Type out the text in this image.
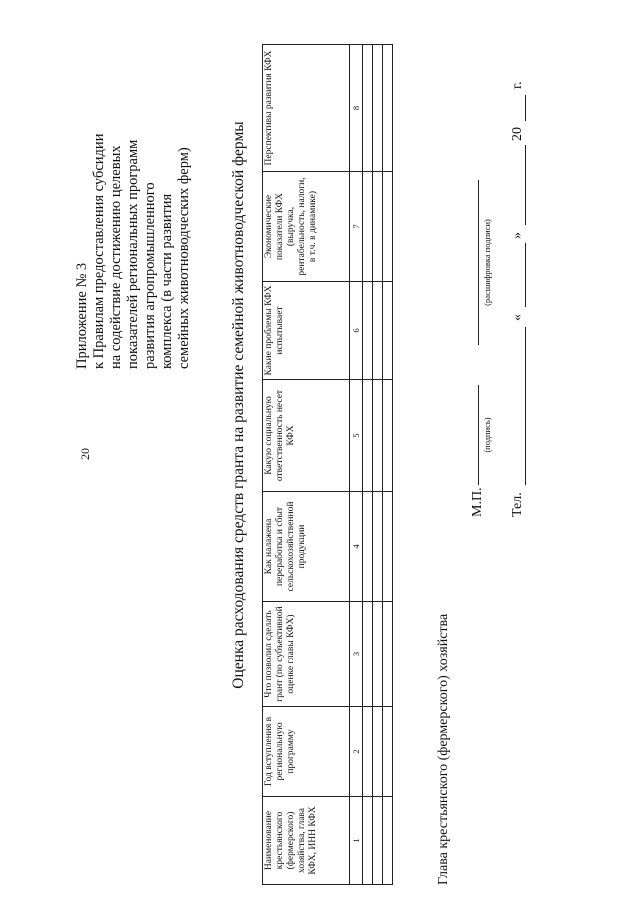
20
Приложение № 3 к Правилам предоставления субсидии на содействие достижению целевых показателей региональных программ развития агропромышленного комплекса (в части развития семейных животноводческих ферм) Оценка расходования средств гранта на развитие семейной животноводческой фермы
Наименование крестьянского (фермерского) хозяйства, глава КФХ, ИНН КФХ	Год вступления в региональную программу	Что позволил сделать грант (по субъективной оценке главы КФХ)	Как налажена переработка и сбыт сельскохозяйственной продукции	Какую социальную ответственность несет КФХ	Какие проблемы КФХ испытывает	Экономические показатели КФХ (выручка, рентабельность, налоги, в т.ч. в динамике)	Перспективы развития КФХ
1	2	3	4	5	6	7	8

Глава крестьянского (фермерского) хозяйства
М.П.
(подпись)
(расшифровка подписи)
Тел.
«
»
20
г.
